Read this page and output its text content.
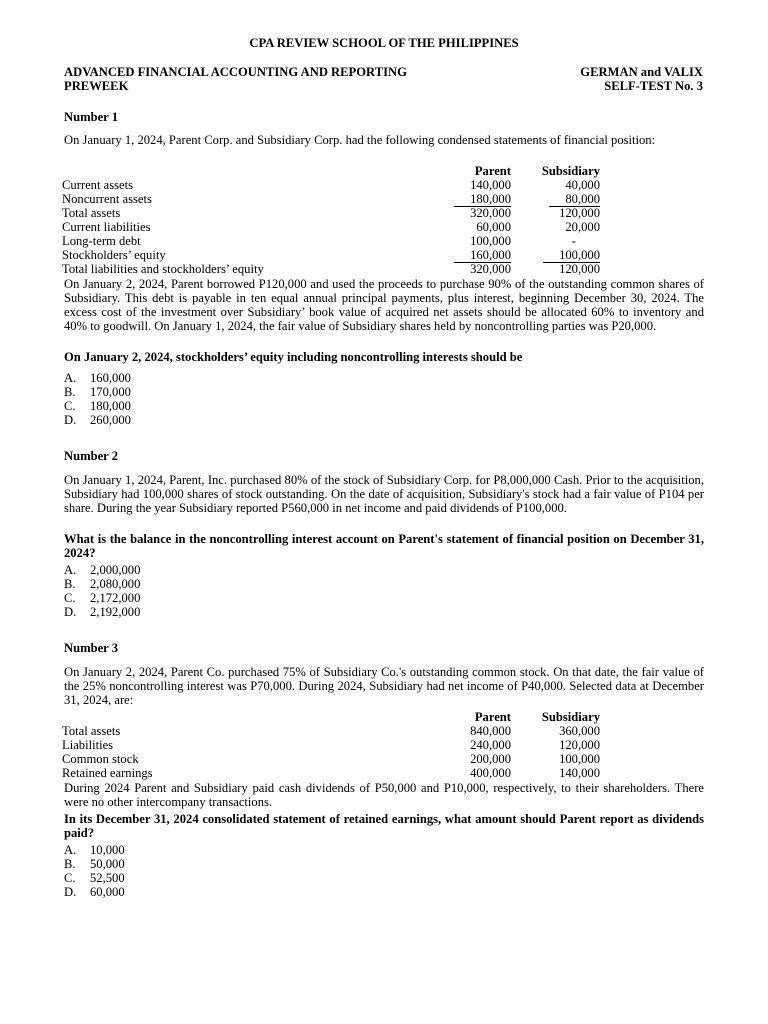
CPA REVIEW SCHOOL OF THE PHILIPPINES
ADVANCED FINANCIAL ACCOUNTING AND REPORTING
PREWEEK
GERMAN and VALIX
SELF-TEST No. 3
Number 1
On January 1, 2024, Parent Corp. and Subsidiary Corp. had the following condensed statements of financial position:
Parent	Subsidiary
Current assets	140,000	40,000
Noncurrent assets	180,000	80,000
Total assets	320,000	120,000
Current liabilities	60,000	20,000
Long-term debt	100,000	-
Stockholders’ equity	160,000	100,000
Total liabilities and stockholders’ equity	320,000	120,000
On January 2, 2024, Parent borrowed P120,000 and used the proceeds to purchase 90% of the outstanding common shares of Subsidiary. This debt is payable in ten equal annual principal payments, plus interest, beginning December 30, 2024. The excess cost of the investment over Subsidiary’ book value of acquired net assets should be allocated 60% to inventory and 40% to goodwill. On January 1, 2024, the fair value of Subsidiary shares held by noncontrolling parties was P20,000.
On January 2, 2024, stockholders’ equity including noncontrolling interests should be
A. 160,000
B. 170,000
C. 180,000
D. 260,000
Number 2
On January 1, 2024, Parent, Inc. purchased 80% of the stock of Subsidiary Corp. for P8,000,000 Cash. Prior to the acquisition, Subsidiary had 100,000 shares of stock outstanding. On the date of acquisition, Subsidiary's stock had a fair value of P104 per share. During the year Subsidiary reported P560,000 in net income and paid dividends of P100,000.
What is the balance in the noncontrolling interest account on Parent's statement of financial position on December 31, 2024?
A. 2,000,000
B. 2,080,000
C. 2,172,000
D. 2,192,000
Number 3
On January 2, 2024, Parent Co. purchased 75% of Subsidiary Co.'s outstanding common stock. On that date, the fair value of the 25% noncontrolling interest was P70,000. During 2024, Subsidiary had net income of P40,000. Selected data at December 31, 2024, are:
Parent	Subsidiary
Total assets	840,000	360,000
Liabilities	240,000	120,000
Common stock	200,000	100,000
Retained earnings	400,000	140,000
During 2024 Parent and Subsidiary paid cash dividends of P50,000 and P10,000, respectively, to their shareholders. There were no other intercompany transactions.
In its December 31, 2024 consolidated statement of retained earnings, what amount should Parent report as dividends paid?
A. 10,000
B. 50,000
C. 52,500
D. 60,000
